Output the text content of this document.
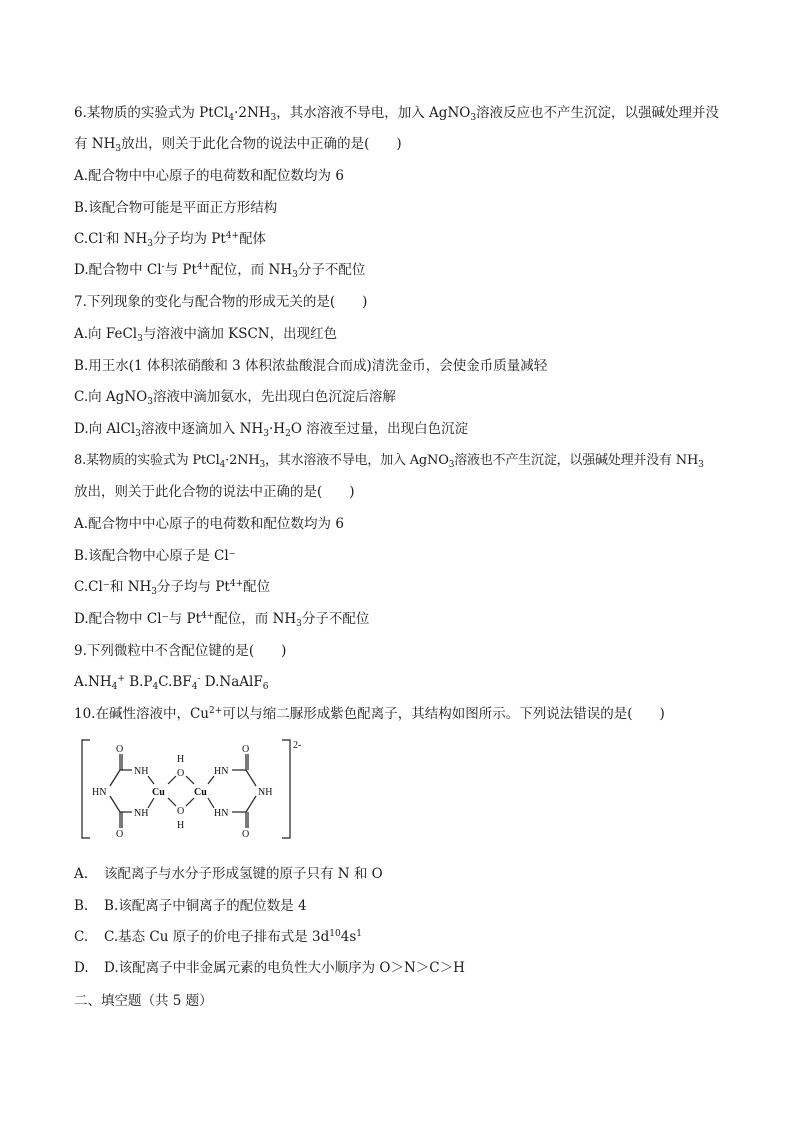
6.某物质的实验式为 $PtCl_4\cdot 2NH_3$，其水溶液不导电，加入 AgNO$_3$溶液反应也不产生沉淀，以强碱处理并没
有 $NH_3$放出，则关于此化合物的说法中正确的是(　　)
A.配合物中中心原子的电荷数和配位数均为 6
B.该配合物可能是平面正方形结构
C.Cl-和 $NH_3$分子均为 $Pt^{4+}$配体
D.配合物中 Cl-与 $Pt^{4+}$配位，而 $NH_3$分子不配位
7.下列现象的变化与配合物的形成无关的是(　　)
A.向 FeCl$_3$与溶液中滴加 KSCN，出现红色
B.用王水(1 体积浓硝酸和 3 体积浓盐酸混合而成)清洗金币，会使金币质量减轻
C.向 AgNO$_3$溶液中滴加氨水，先出现白色沉淀后溶解
D.向 AlCl$_3$溶液中逐滴加入 $NH_3\cdot H_2O$ 溶液至过量，出现白色沉淀
8.某物质的实验式为 $PtCl_4\cdot 2NH_3$，其水溶液不导电，加入 AgNO$_3$溶液也不产生沉淀，以强碱处理并没有 $NH_3$
放出，则关于此化合物的说法中正确的是(　　)
A.配合物中中心原子的电荷数和配位数均为 6
B.该配合物中心原子是 Cl⁻
C.Cl⁻和 $NH_3$分子均与 $Pt^{4+}$配位
D.配合物中 Cl⁻与 $Pt^{4+}$配位，而 $NH_3$分子不配位
9.下列微粒中不含配位键的是(　　)
$A.NH_4^+$ $B.P_4C.BF_4^-$ D.NaAlF$_6$
10.在碱性溶液中，$Cu^{2+}$可以与缩二脲形成紫色配离子，其结构如图所示。下列说法错误的是(　　)
O
O
NH
NH
HN	Cu
H
O
O
H
Cu
HN
HN
NH
O
O
2-
A. 该配离子与水分子形成氢键的原子只有 N 和 O
B. B.该配离子中铜离子的配位数是 4
C. C.基态 Cu 原子的价电子排布式是 $3d^{10}4s^1$
D. D.该配离子中非金属元素的电负性大小顺序为 O＞N＞C＞H
二、填空题（共 5 题）
